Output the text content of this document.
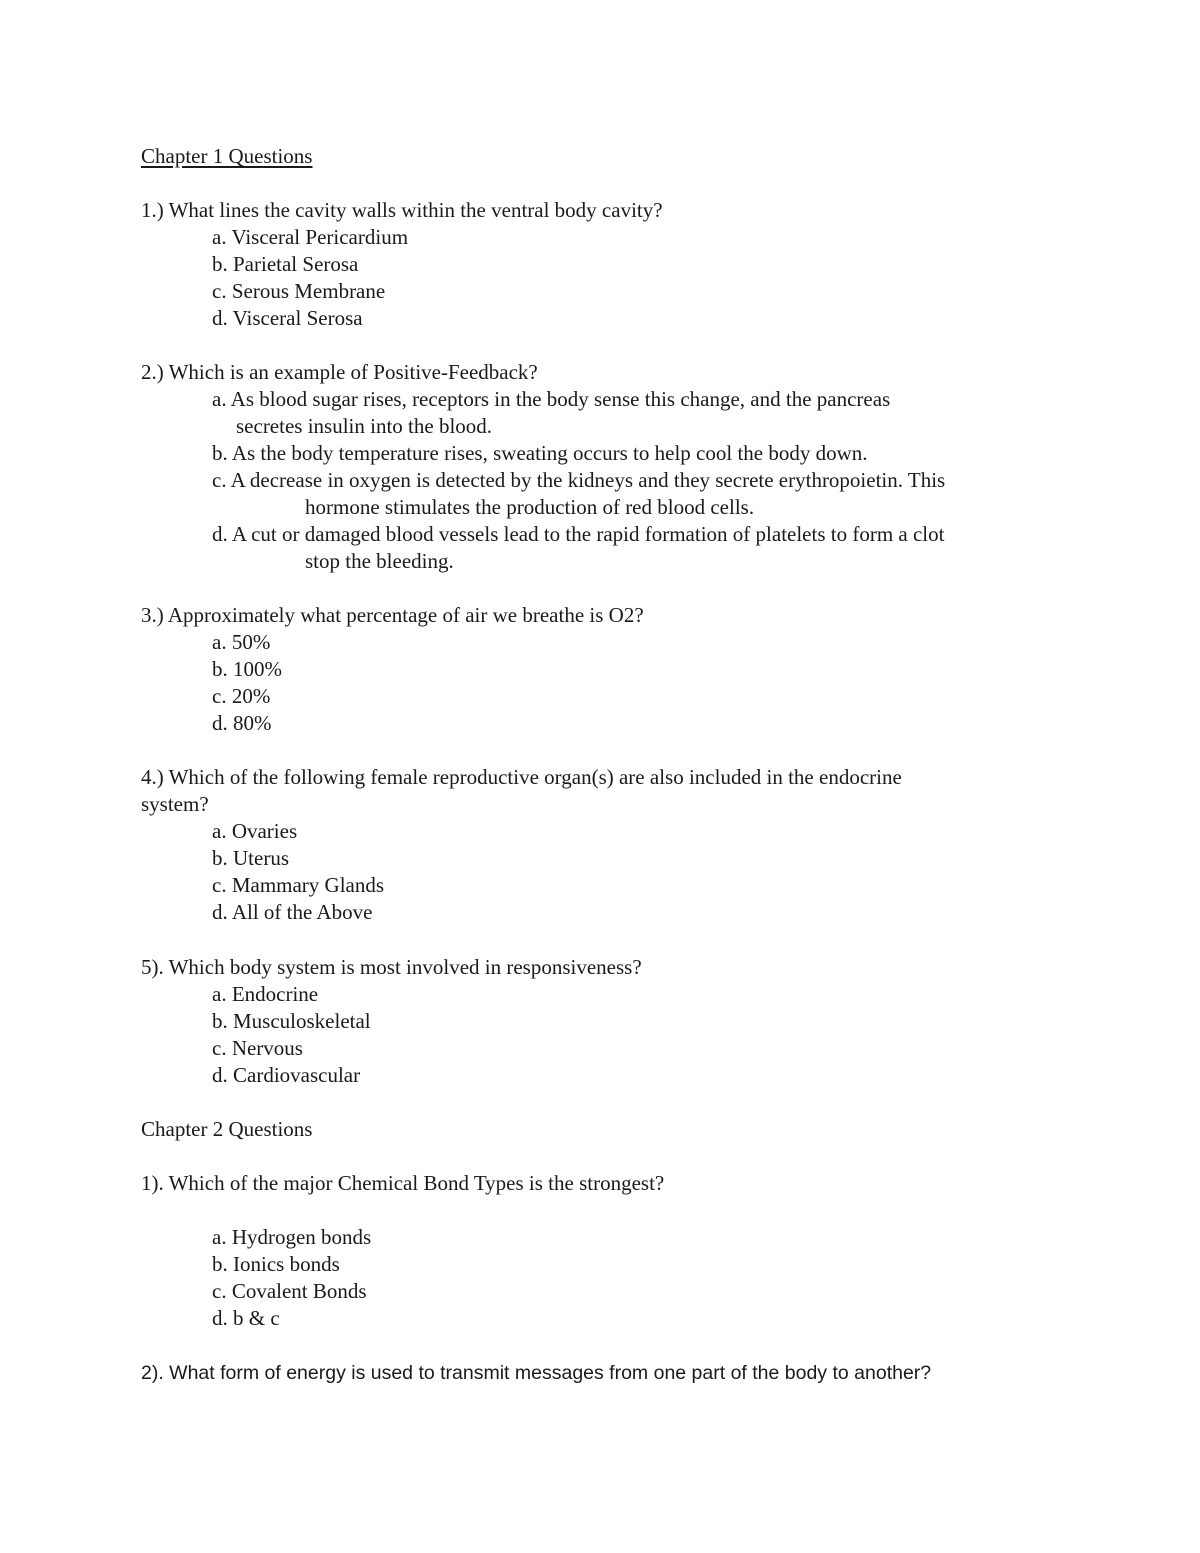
Chapter 1 Questions
1.) What lines the cavity walls within the ventral body cavity?
a. Visceral Pericardium
b. Parietal Serosa
c. Serous Membrane
d. Visceral Serosa
2.) Which is an example of Positive-Feedback?
a. As blood sugar rises, receptors in the body sense this change, and the pancreas
secretes insulin into the blood.
b. As the body temperature rises, sweating occurs to help cool the body down.
c. A decrease in oxygen is detected by the kidneys and they secrete erythropoietin. This
hormone stimulates the production of red blood cells.
d. A cut or damaged blood vessels lead to the rapid formation of platelets to form a clot
stop the bleeding.
3.) Approximately what percentage of air we breathe is O2?
a. 50%
b. 100%
c. 20%
d. 80%
4.) Which of the following female reproductive organ(s) are also included in the endocrine
system?
a. Ovaries
b. Uterus
c. Mammary Glands
d. All of the Above
5). Which body system is most involved in responsiveness?
a. Endocrine
b. Musculoskeletal
c. Nervous
d. Cardiovascular
Chapter 2 Questions
1). Which of the major Chemical Bond Types is the strongest?
a. Hydrogen bonds
b. Ionics bonds
c. Covalent Bonds
d. b & c
2). What form of energy is used to transmit messages from one part of the body to another?
